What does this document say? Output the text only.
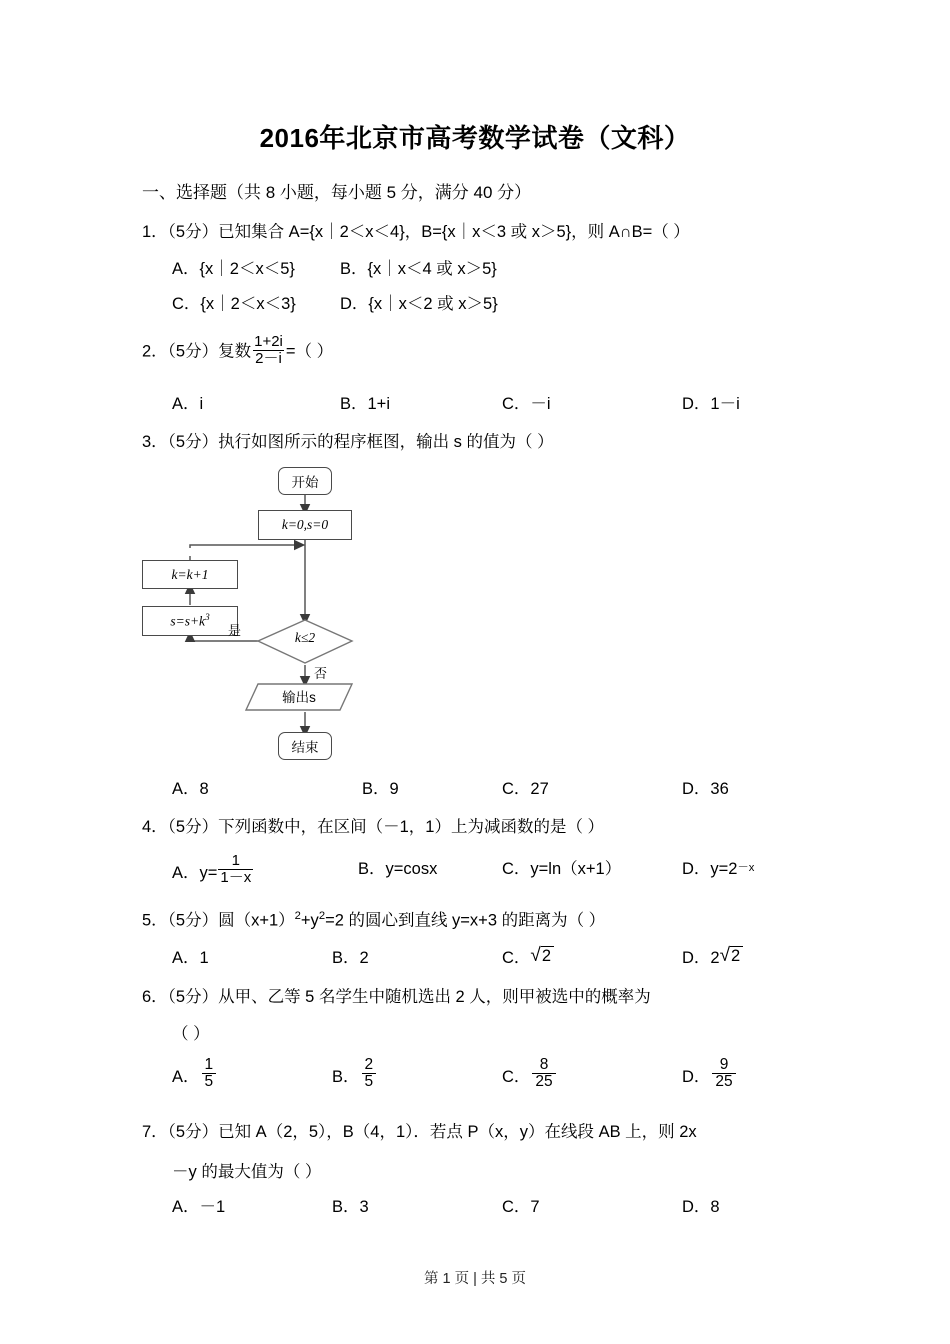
2016年北京市高考数学试卷（文科）
一、选择题（共 8 小题，每小题 5 分，满分 40 分）
1．（5分）已知集合 A={x｜2＜x＜4}，B={x｜x＜3 或 x＞5}，则 A∩B=（ ）
A．{x｜2＜x＜5}	B．{x｜x＜4 或 x＞5}
C．{x｜2＜x＜3}	D．{x｜x＜2 或 x＞5}
2．（5分）复数 $\frac{1+2i}{2-i}$ =（ ）
A．i	B．1+i	C．－i	D．1－i
3．（5分）执行如图所示的程序框图，输出 s 的值为（ ）
开始
k=0,s=0
k=k+1
$s=s+k^3$
k≤2
是
否
输出s
结束
A．8	B．9	C．27	D．36
4．（5分）下列函数中，在区间（－1，1）上为减函数的是（ ）
A．$y= \frac{1}{1-x}$	B．y=cosx	C．y=ln（x+1）	D．y=2 －x
5．（5分）圆$(x+1)^2+y^2=2$ 的圆心到直线 y=x+3 的距离为（ ）
A．1	B．2	C． √ 2	D．2 √ 2
6．（5分）从甲、乙等 5 名学生中随机选出 2 人，则甲被选中的概率为
（ ）
A． $\frac{1}{5}$	B． $\frac{2}{5}$	C． $\frac{8}{25}$	D． $\frac{9}{25}$
7．（5分）已知 A（2，5），B（4，1）．若点 P（x，y）在线段 AB 上，则 2x
－y 的最大值为（ ）
A．－1	B．3	C．7	D．8
第 1 页 | 共 5 页
